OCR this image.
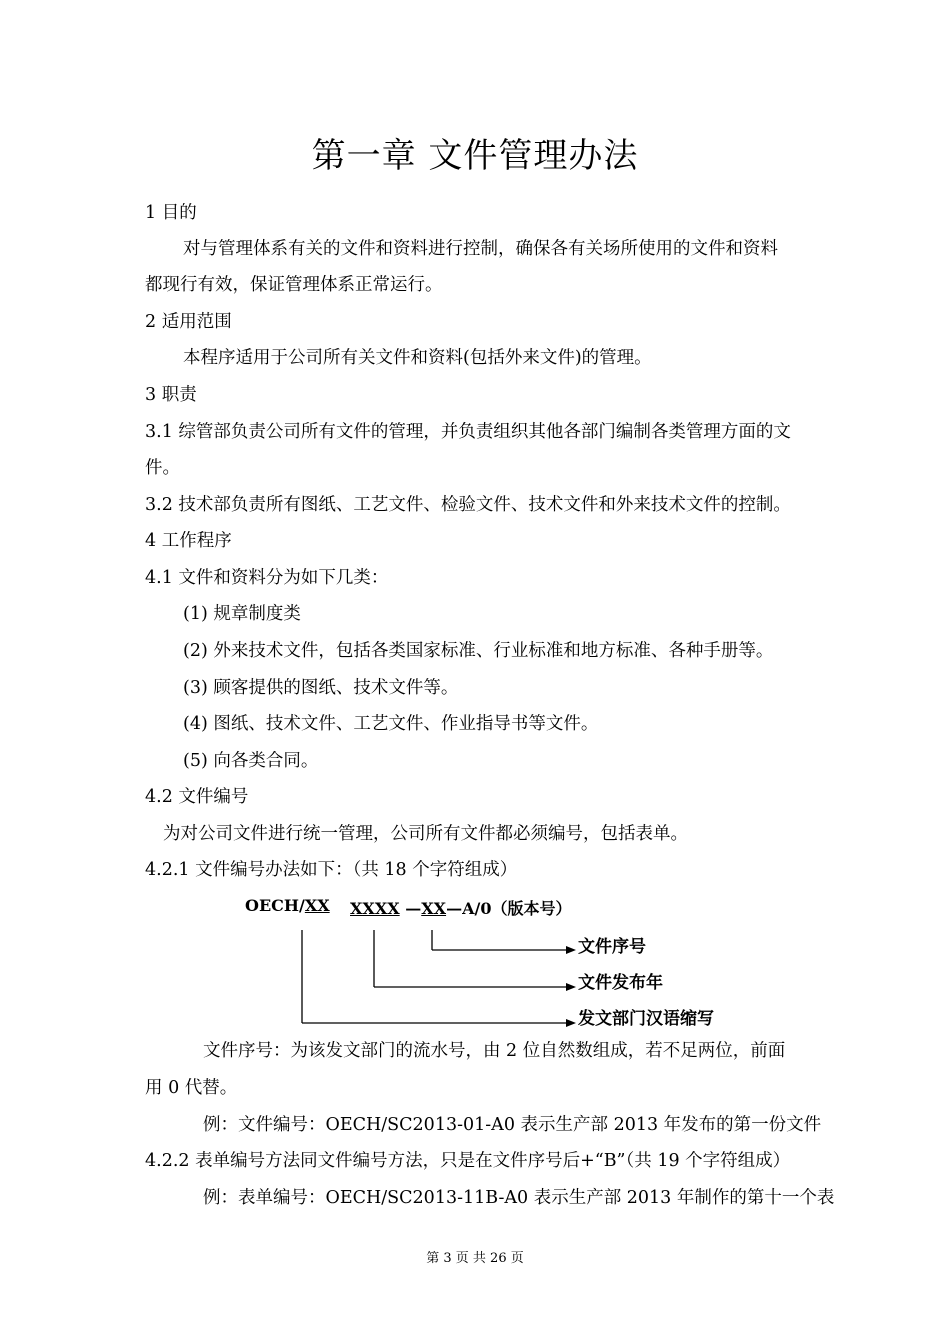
第一章 文件管理办法
1 目的
对与管理体系有关的文件和资料进行控制，确保各有关场所使用的文件和资料
都现行有效，保证管理体系正常运行。
2 适用范围
本程序适用于公司所有关文件和资料(包括外来文件)的管理。
3 职责
3.1 综管部负责公司所有文件的管理，并负责组织其他各部门编制各类管理方面的文
件。
3.2 技术部负责所有图纸、工艺文件、检验文件、技术文件和外来技术文件的控制。
4 工作程序
4.1 文件和资料分为如下几类：
(1) 规章制度类
(2) 外来技术文件，包括各类国家标准、行业标准和地方标准、各种手册等。
(3) 顾客提供的图纸、技术文件等。
(4) 图纸、技术文件、工艺文件、作业指导书等文件。
(5) 向各类合同。
4.2 文件编号
为对公司文件进行统一管理，公司所有文件都必须编号，包括表单。
4.2.1 文件编号办法如下：（共 18 个字符组成）
OECH/XX XXXX —XX—A/0（版本号）
文件序号
文件发布年
发文部门汉语缩写
文件序号：为该发文部门的流水号，由 2 位自然数组成，若不足两位，前面
用 0 代替。
例：文件编号：OECH/SC2013-01-A0 表示生产部 2013 年发布的第一份文件
4.2.2 表单编号方法同文件编号方法，只是在文件序号后+“B”（共 19 个字符组成）
例：表单编号：OECH/SC2013-11B-A0 表示生产部 2013 年制作的第十一个表
第 3 页 共 26 页
